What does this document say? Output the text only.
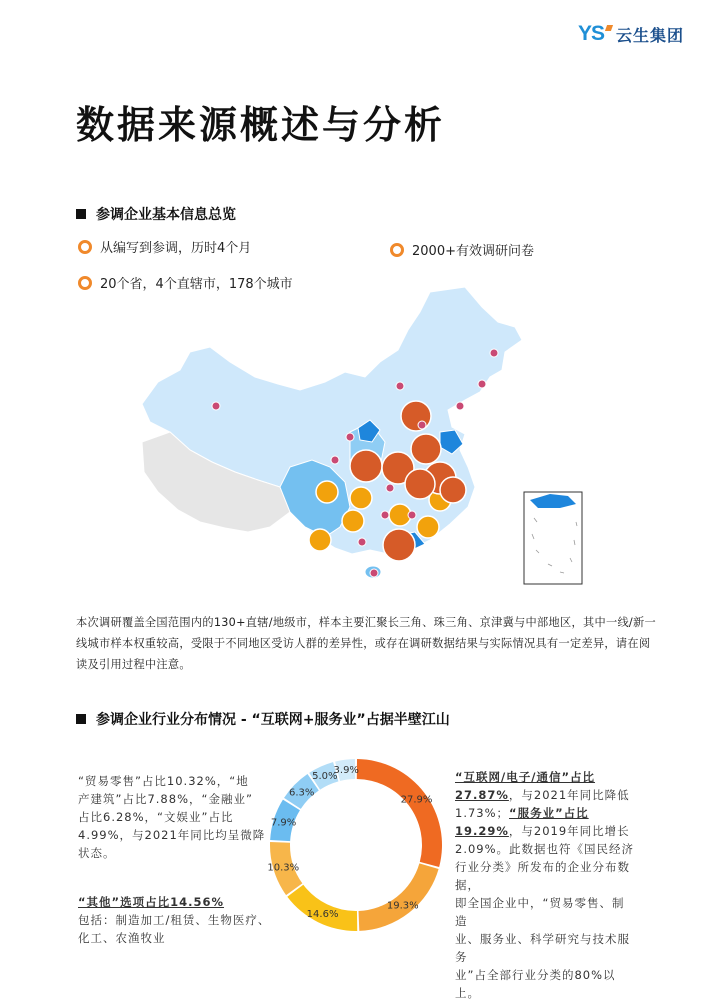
YS 云生集团
数据来源概述与分析
参调企业基本信息总览
从编写到参调，历时4个月	2000+有效调研问卷
20个省，4个直辖市，178个城市
本次调研覆盖全国范围内的130+直辖/地级市，样本主要汇聚长三角、珠三角、京津冀与中部地区，其中一线/新一线城市样本权重较高，受限于不同地区受访人群的差异性，或存在调研数据结果与实际情况具有一定差异，请在阅读及引用过程中注意。
参调企业行业分布情况 - “互联网+服务业”占据半壁江山
“贸易零售”占比10.32%，“地
产建筑”占比7.88%，“金融业”
占比6.28%，“文娱业”占比
4.99%，与2021年同比均呈微降
状态。
“其他”选项占比14.56%
包括：制造加工/租赁、生物医疗、
化工、农渔牧业
27.9%
19.3%
14.6%
10.3%
7.9%
6.3%
5.0%
3.9%	“互联网/电子/通信”占比
27.87%，与2021年同比降低
1.73%；“服务业”占比
19.29%，与2019年同比增长
2.09%。此数据也符《国民经济
行业分类》所发布的企业分布数据，
即全国企业中，“贸易零售、制造
业、服务业、科学研究与技术服务
业”占全部行业分类的80%以上。
